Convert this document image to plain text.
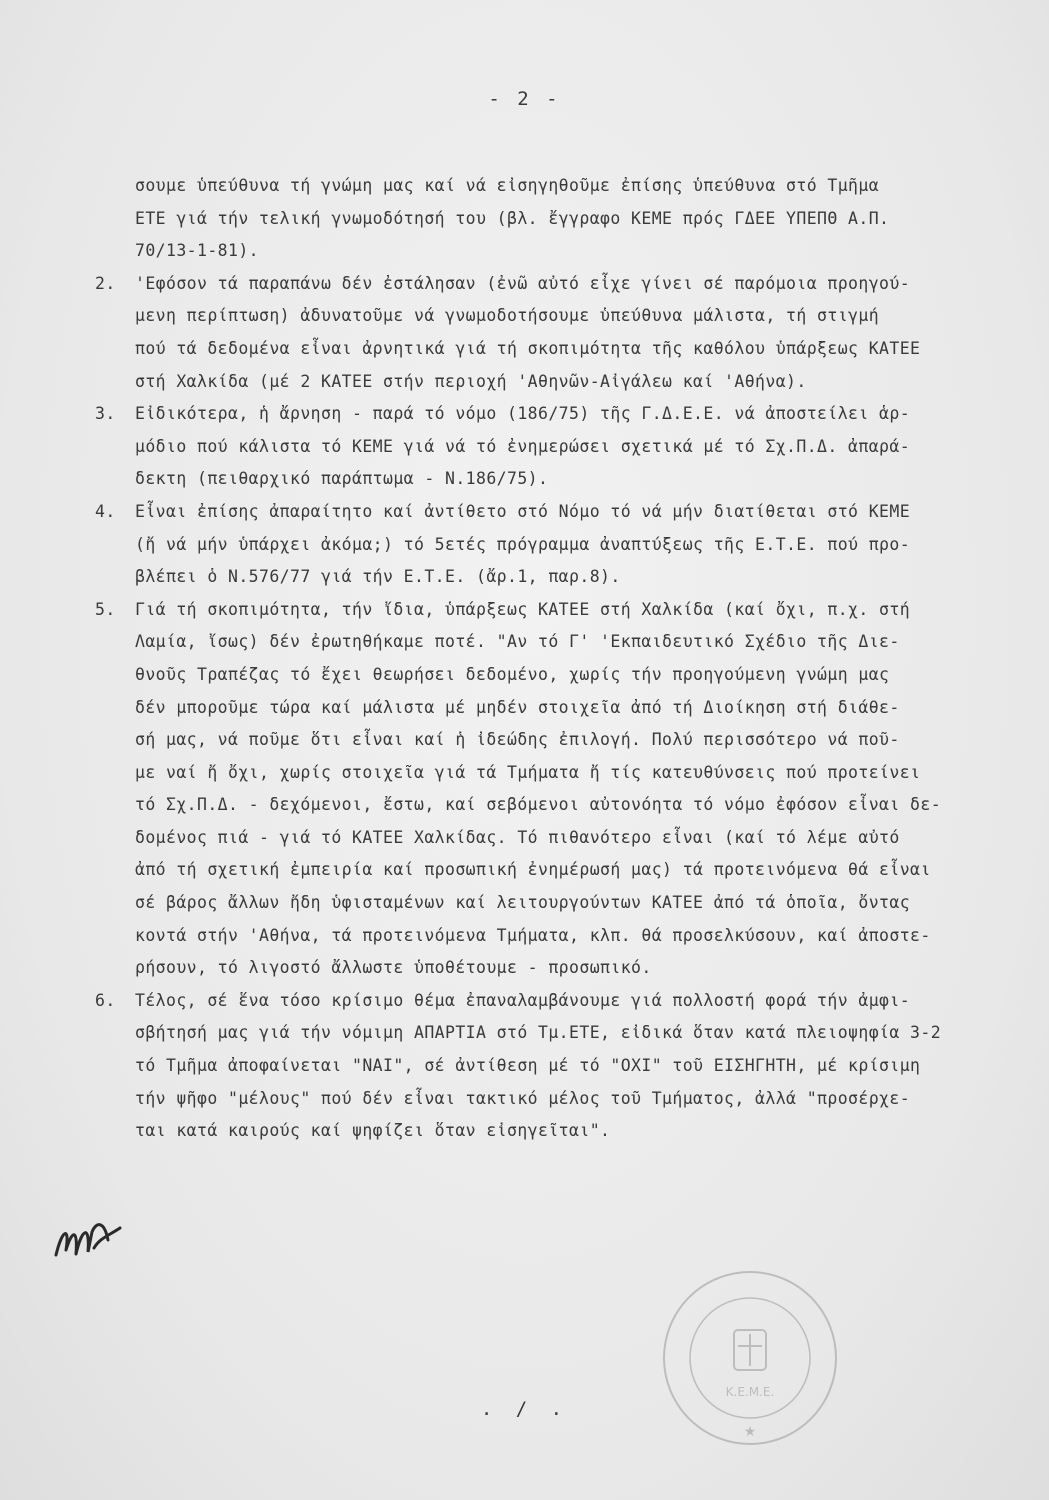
- 2 -
σουμε ὑπεύθυνα τή γνώμη μας καί νά εἰσηγηθοῦμε ἐπίσης ὑπεύθυνα στό Τμῆμα
ΕΤΕ γιά τήν τελική γνωμοδότησή του (βλ. ἔγγραφο ΚΕΜΕ πρός ΓΔΕΕ ΥΠΕΠΘ Α.Π.
70/13-1-81).
2. 'Εφόσον τά παραπάνω δέν ἐστάλησαν (ἐνῶ αὐτό εἶχε γίνει σέ παρόμοια προηγού-
μενη περίπτωση) ἀδυνατοῦμε νά γνωμοδοτήσουμε ὑπεύθυνα μάλιστα, τή στιγμή
πού τά δεδομένα εἶναι ἀρνητικά γιά τή σκοπιμότητα τῆς καθόλου ὑπάρξεως ΚΑΤΕΕ
στή Χαλκίδα (μέ 2 ΚΑΤΕΕ στήν περιοχή 'Αθηνῶν-Αἰγάλεω καί 'Αθήνα).
3. Εἰδικότερα, ἡ ἄρνηση - παρά τό νόμο (186/75) τῆς Γ.Δ.Ε.Ε. νά ἀποστείλει ἁρ-
μόδιο πού κάλιστα τό ΚΕΜΕ γιά νά τό ἐνημερώσει σχετικά μέ τό Σχ.Π.Δ. ἀπαρά-
δεκτη (πειθαρχικό παράπτωμα - Ν.186/75).
4. Εἶναι ἐπίσης ἀπαραίτητο καί ἀντίθετο στό Νόμο τό νά μήν διατίθεται στό ΚΕΜΕ
(ἤ νά μήν ὑπάρχει ἀκόμα;) τό 5ετές πρόγραμμα ἀναπτύξεως τῆς Ε.Τ.Ε. πού προ-
βλέπει ὁ Ν.576/77 γιά τήν Ε.Τ.Ε. (ἄρ.1, παρ.8).
5. Γιά τή σκοπιμότητα, τήν ἴδια, ὑπάρξεως ΚΑΤΕΕ στή Χαλκίδα (καί ὄχι, π.χ. στή
Λαμία, ἴσως) δέν ἐρωτηθήκαμε ποτέ. "Αν τό Γ' 'Εκπαιδευτικό Σχέδιο τῆς Διε-
θνοῦς Τραπέζας τό ἔχει θεωρήσει δεδομένο, χωρίς τήν προηγούμενη γνώμη μας
δέν μποροῦμε τώρα καί μάλιστα μέ μηδέν στοιχεῖα ἀπό τή Διοίκηση στή διάθε-
σή μας, νά ποῦμε ὅτι εἶναι καί ἡ ἰδεώδης ἐπιλογή. Πολύ περισσότερο νά ποῦ-
με ναί ἤ ὄχι, χωρίς στοιχεῖα γιά τά Τμήματα ἤ τίς κατευθύνσεις πού προτείνει
τό Σχ.Π.Δ. - δεχόμενοι, ἔστω, καί σεβόμενοι αὐτονόητα τό νόμο ἐφόσον εἶναι δε-
δομένος πιά - γιά τό ΚΑΤΕΕ Χαλκίδας. Τό πιθανότερο εἶναι (καί τό λέμε αὐτό
ἀπό τή σχετική ἐμπειρία καί προσωπική ἐνημέρωσή μας) τά προτεινόμενα θά εἶναι
σέ βάρος ἄλλων ἤδη ὑφισταμένων καί λειτουργούντων ΚΑΤΕΕ ἀπό τά ὁποῖα, ὄντας
κοντά στήν 'Αθήνα, τά προτεινόμενα Τμήματα, κλπ. θά προσελκύσουν, καί ἀποστε-
ρήσουν, τό λιγοστό ἄλλωστε ὑποθέτουμε - προσωπικό.
6. Τέλος, σέ ἕνα τόσο κρίσιμο θέμα ἐπαναλαμβάνουμε γιά πολλοστή φορά τήν ἀμφι-
σβήτησή μας γιά τήν νόμιμη ΑΠΑΡΤΙΑ στό Τμ.ΕΤΕ, εἰδικά ὅταν κατά πλειοψηφία 3-2
τό Τμῆμα ἀποφαίνεται "ΝΑΙ", σέ ἀντίθεση μέ τό "ΟΧΙ" τοῦ ΕΙΣΗΓΗΤΗ, μέ κρίσιμη
τήν ψῆφο "μέλους" πού δέν εἶναι τακτικό μέλος τοῦ Τμήματος, ἀλλά "προσέρχε-
ται κατά καιρούς καί ψηφίζει ὅταν εἰσηγεῖται".
Κ.Ε.Μ.Ε.
★
. / .
